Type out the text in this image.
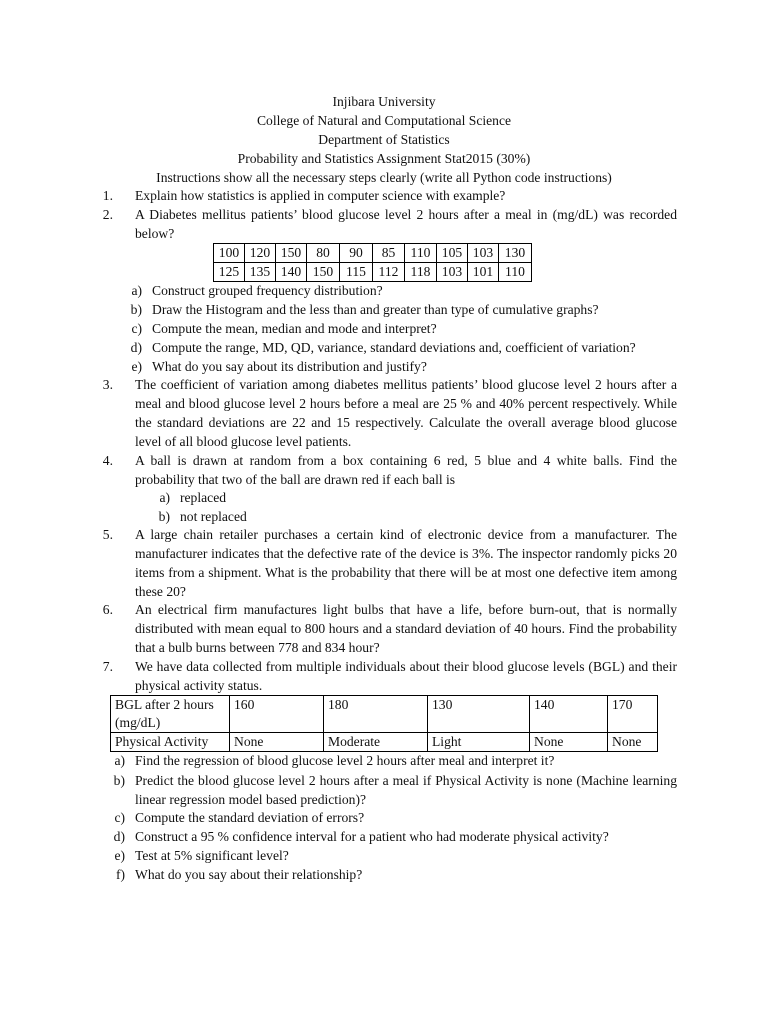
Injibara University
College of Natural and Computational Science
Department of Statistics
Probability and Statistics Assignment Stat2015 (30%)
Instructions show all the necessary steps clearly (write all Python code instructions)
1. Explain how statistics is applied in computer science with example?
2. A Diabetes mellitus patients’ blood glucose level 2 hours after a meal in (mg/dL) was recorded below?
100	120	150	80	90	85	110	105	103	130
125	135	140	150	115	112	118	103	101	110
a) Construct grouped frequency distribution?
b) Draw the Histogram and the less than and greater than type of cumulative graphs?
c) Compute the mean, median and mode and interpret?
d) Compute the range, MD, QD, variance, standard deviations and, coefficient of variation?
e) What do you say about its distribution and justify?
3. The coefficient of variation among diabetes mellitus patients’ blood glucose level 2 hours after a meal and blood glucose level 2 hours before a meal are 25 % and 40% percent respectively. While the standard deviations are 22 and 15 respectively. Calculate the overall average blood glucose level of all blood glucose level patients.
4. A ball is drawn at random from a box containing 6 red, 5 blue and 4 white balls. Find the probability that two of the ball are drawn red if each ball is
a) replaced
b) not replaced
5. A large chain retailer purchases a certain kind of electronic device from a manufacturer. The manufacturer indicates that the defective rate of the device is 3%. The inspector randomly picks 20 items from a shipment. What is the probability that there will be at most one defective item among these 20?
6. An electrical firm manufactures light bulbs that have a life, before burn-out, that is normally distributed with mean equal to 800 hours and a standard deviation of 40 hours. Find the probability that a bulb burns between 778 and 834 hour?
7. We have data collected from multiple individuals about their blood glucose levels (BGL) and their physical activity status.
BGL after 2 hours (mg/dL)	160	180	130	140	170
Physical Activity	None	Moderate	Light	None	None
a) Find the regression of blood glucose level 2 hours after meal and interpret it?
b) Predict the blood glucose level 2 hours after a meal if Physical Activity is none (Machine learning linear regression model based prediction)?
c) Compute the standard deviation of errors?
d) Construct a 95 % confidence interval for a patient who had moderate physical activity?
e) Test at 5% significant level?
f) What do you say about their relationship?
